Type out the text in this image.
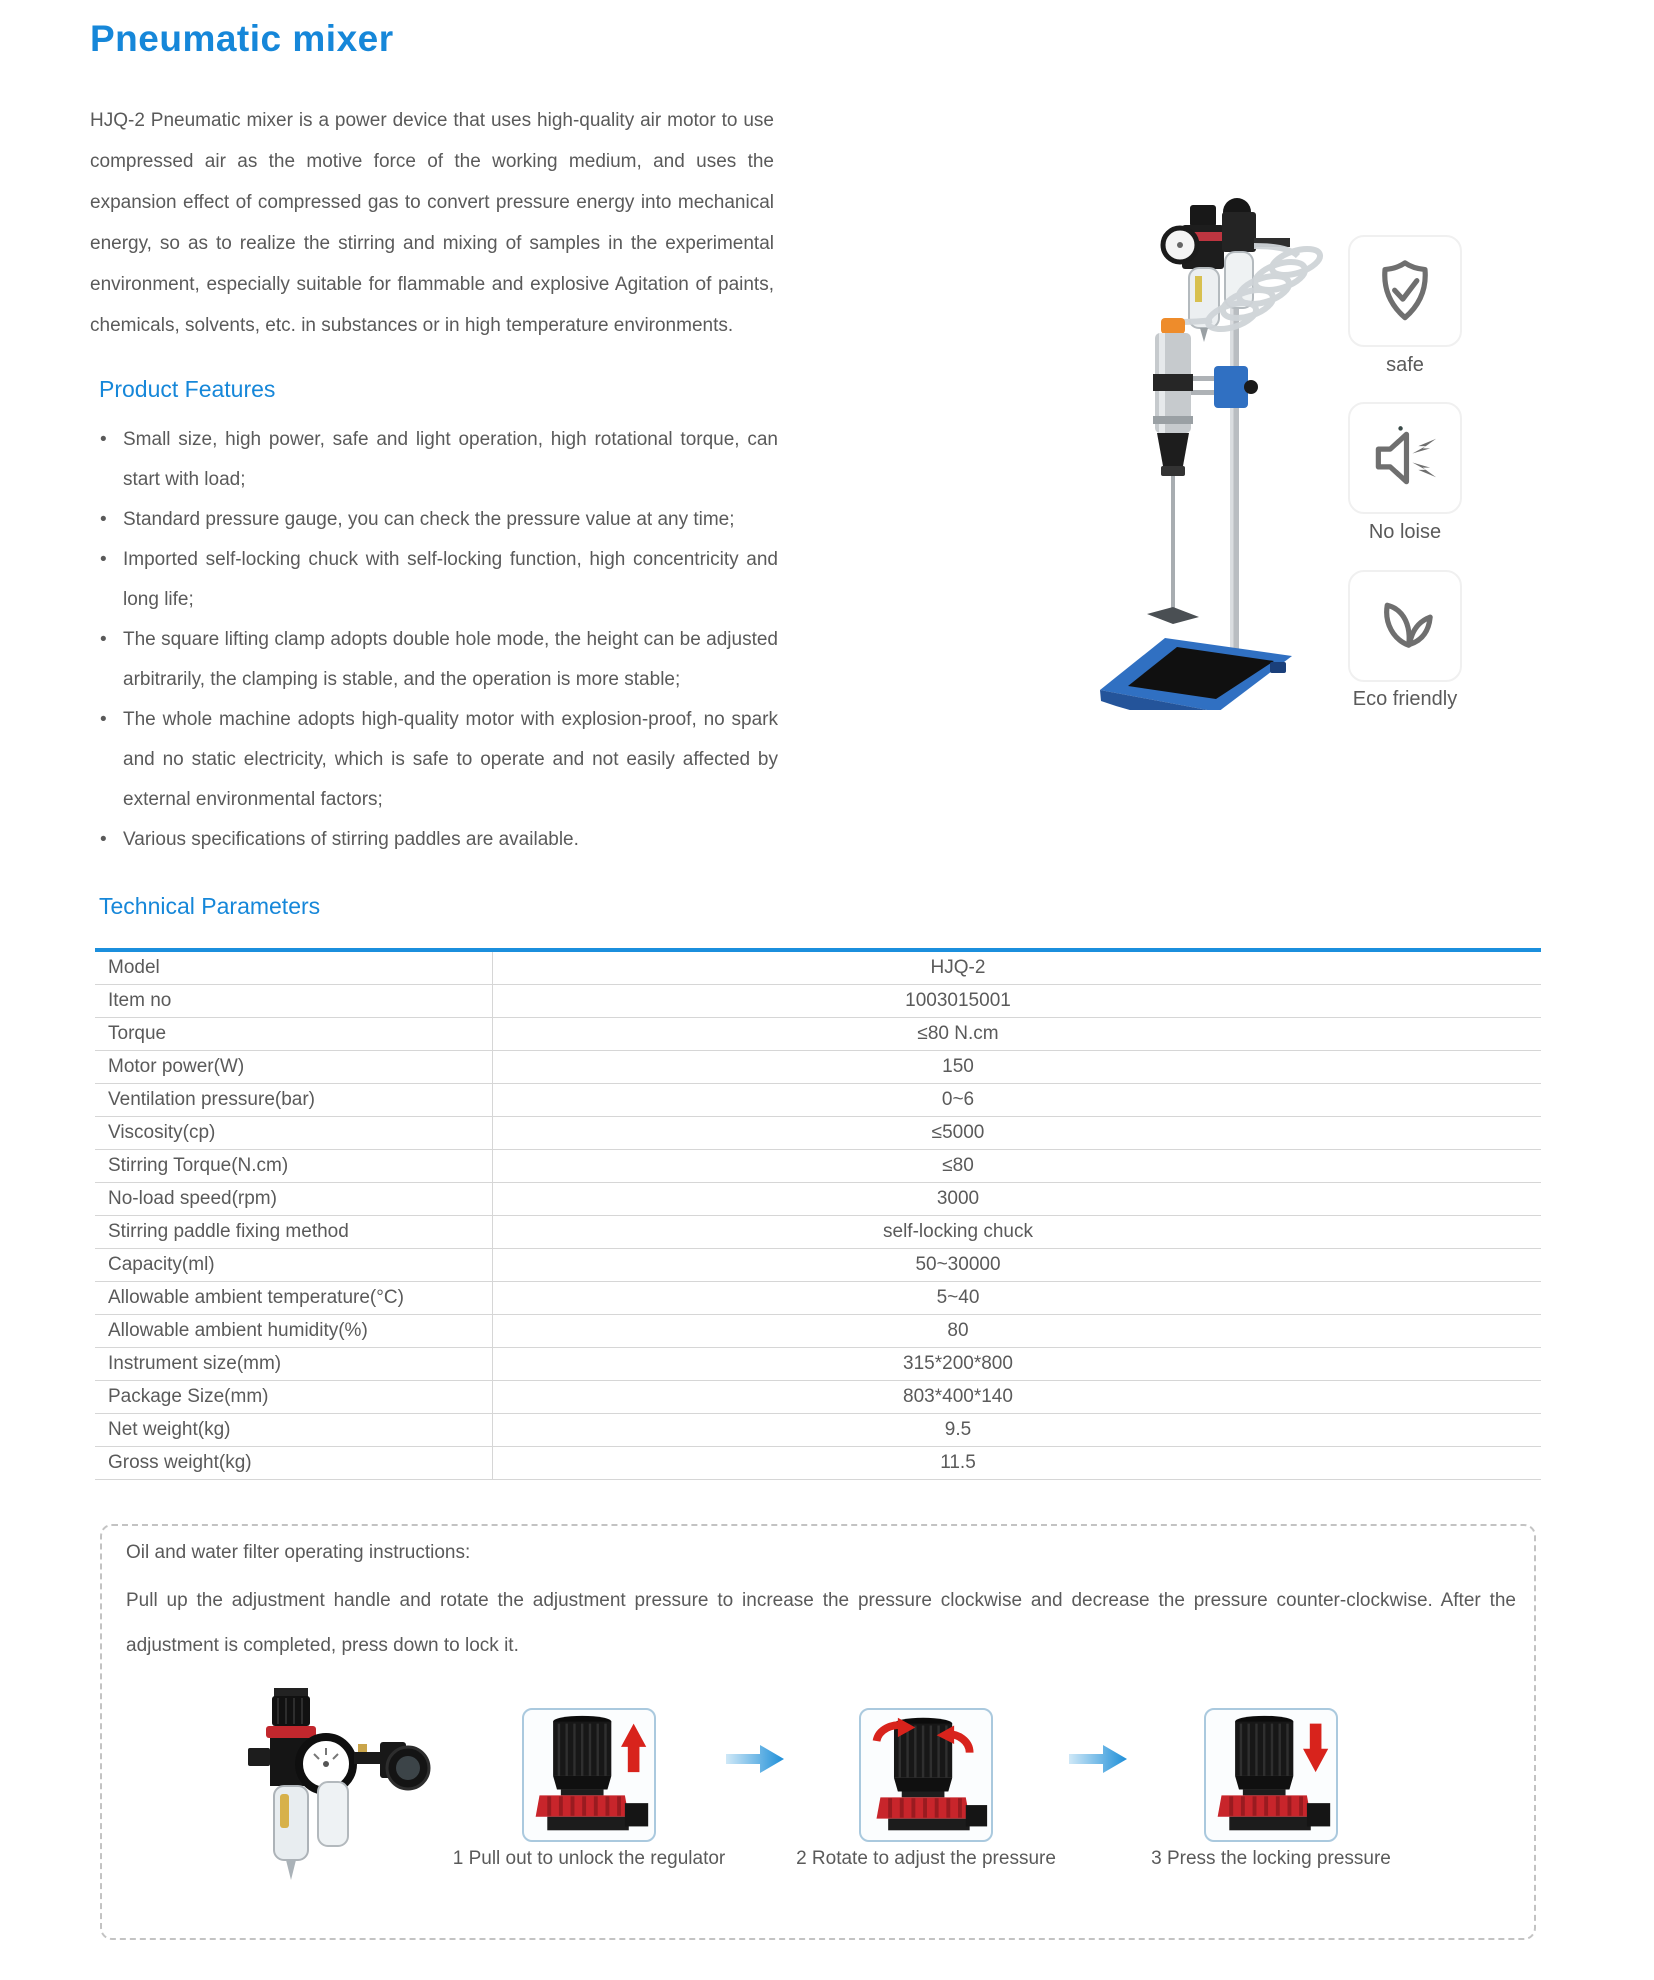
Pneumatic mixer

HJQ-2 Pneumatic mixer is a power device that uses high-quality air motor to use compressed air as the motive force of the working medium, and uses the expansion effect of compressed gas to convert pressure energy into mechanical energy, so as to realize the stirring and mixing of samples in the experimental environment, especially suitable for flammable and explosive Agitation of paints, chemicals, solvents, etc. in substances or in high temperature environments.

safe
No loise
Eco friendly
Product Features
• Small size, high power, safe and light operation, high rotational torque, can start with load;
• Standard pressure gauge, you can check the pressure value at any time;
• Imported self-locking chuck with self-locking function, high concentricity and long life;
• The square lifting clamp adopts double hole mode, the height can be adjusted arbitrarily, the clamping is stable, and the operation is more stable;
• The whole machine adopts high-quality motor with explosion-proof, no spark and no static electricity, which is safe to operate and not easily affected by external environmental factors;
• Various specifications of stirring paddles are available.
Technical Parameters
Model	HJQ-2
Item no	1003015001
Torque	≤80 N.cm
Motor power(W)	150
Ventilation pressure(bar)	0~6
Viscosity(cp)	≤5000
Stirring Torque(N.cm)	≤80
No-load speed(rpm)	3000
Stirring paddle fixing method	self-locking chuck
Capacity(ml)	50~30000
Allowable ambient temperature(°C)	5~40
Allowable ambient humidity(%)	80
Instrument size(mm)	315*200*800
Package Size(mm)	803*400*140
Net weight(kg)	9.5
Gross weight(kg)	11.5
Oil and water filter operating instructions:
Pull up the adjustment handle and rotate the adjustment pressure to increase the pressure clockwise and decrease the pressure counter-clockwise. After the adjustment is completed, press down to lock it.
1 Pull out to unlock the regulator	2 Rotate to adjust the pressure	3 Press the locking pressure
